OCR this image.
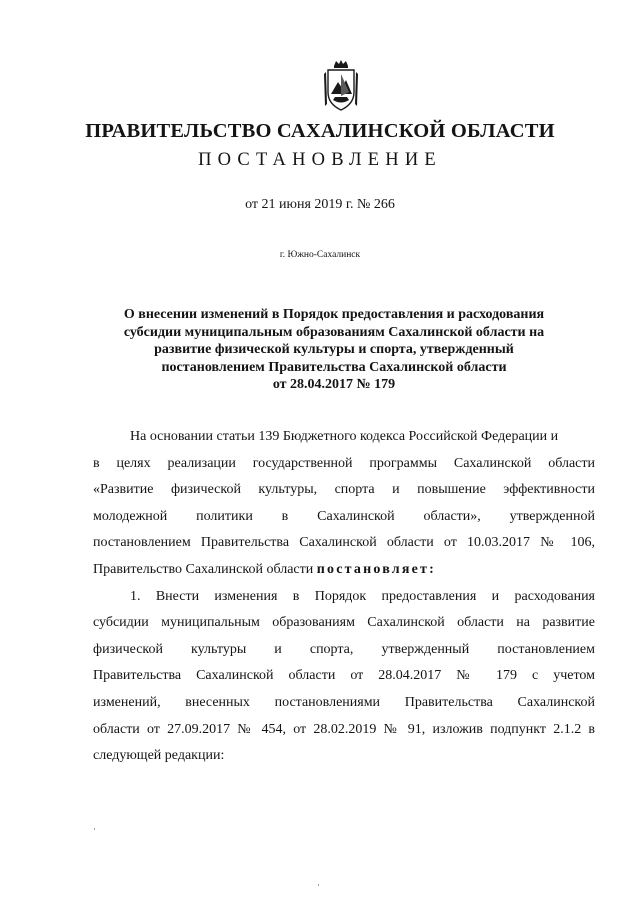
ПРАВИТЕЛЬСТВО САХАЛИНСКОЙ ОБЛАСТИ
ПОСТАНОВЛЕНИЕ
от 21 июня 2019 г. № 266
г. Южно-Сахалинск
О внесении изменений в Порядок предоставления и расходования
субсидии муниципальным образованиям Сахалинской области на
развитие физической культуры и спорта, утвержденный
постановлением Правительства Сахалинской области
от 28.04.2017 № 179
На основании статьи 139 Бюджетного кодекса Российской Федерации и
в целях реализации государственной программы Сахалинской области
«Развитие физической культуры, спорта и повышение эффективности
молодежной политики в Сахалинской области», утвержденной
постановлением Правительства Сахалинской области от 10.03.2017 № 106,
Правительство Сахалинской области постановляет:
1. Внести изменения в Порядок предоставления и расходования
субсидии муниципальным образованиям Сахалинской области на развитие
физической культуры и спорта, утвержденный постановлением
Правительства Сахалинской области от 28.04.2017 № 179 с учетом
изменений, внесенных постановлениями Правительства Сахалинской
области от 27.09.2017 № 454, от 28.02.2019 № 91, изложив подпункт 2.1.2 в
следующей редакции:
